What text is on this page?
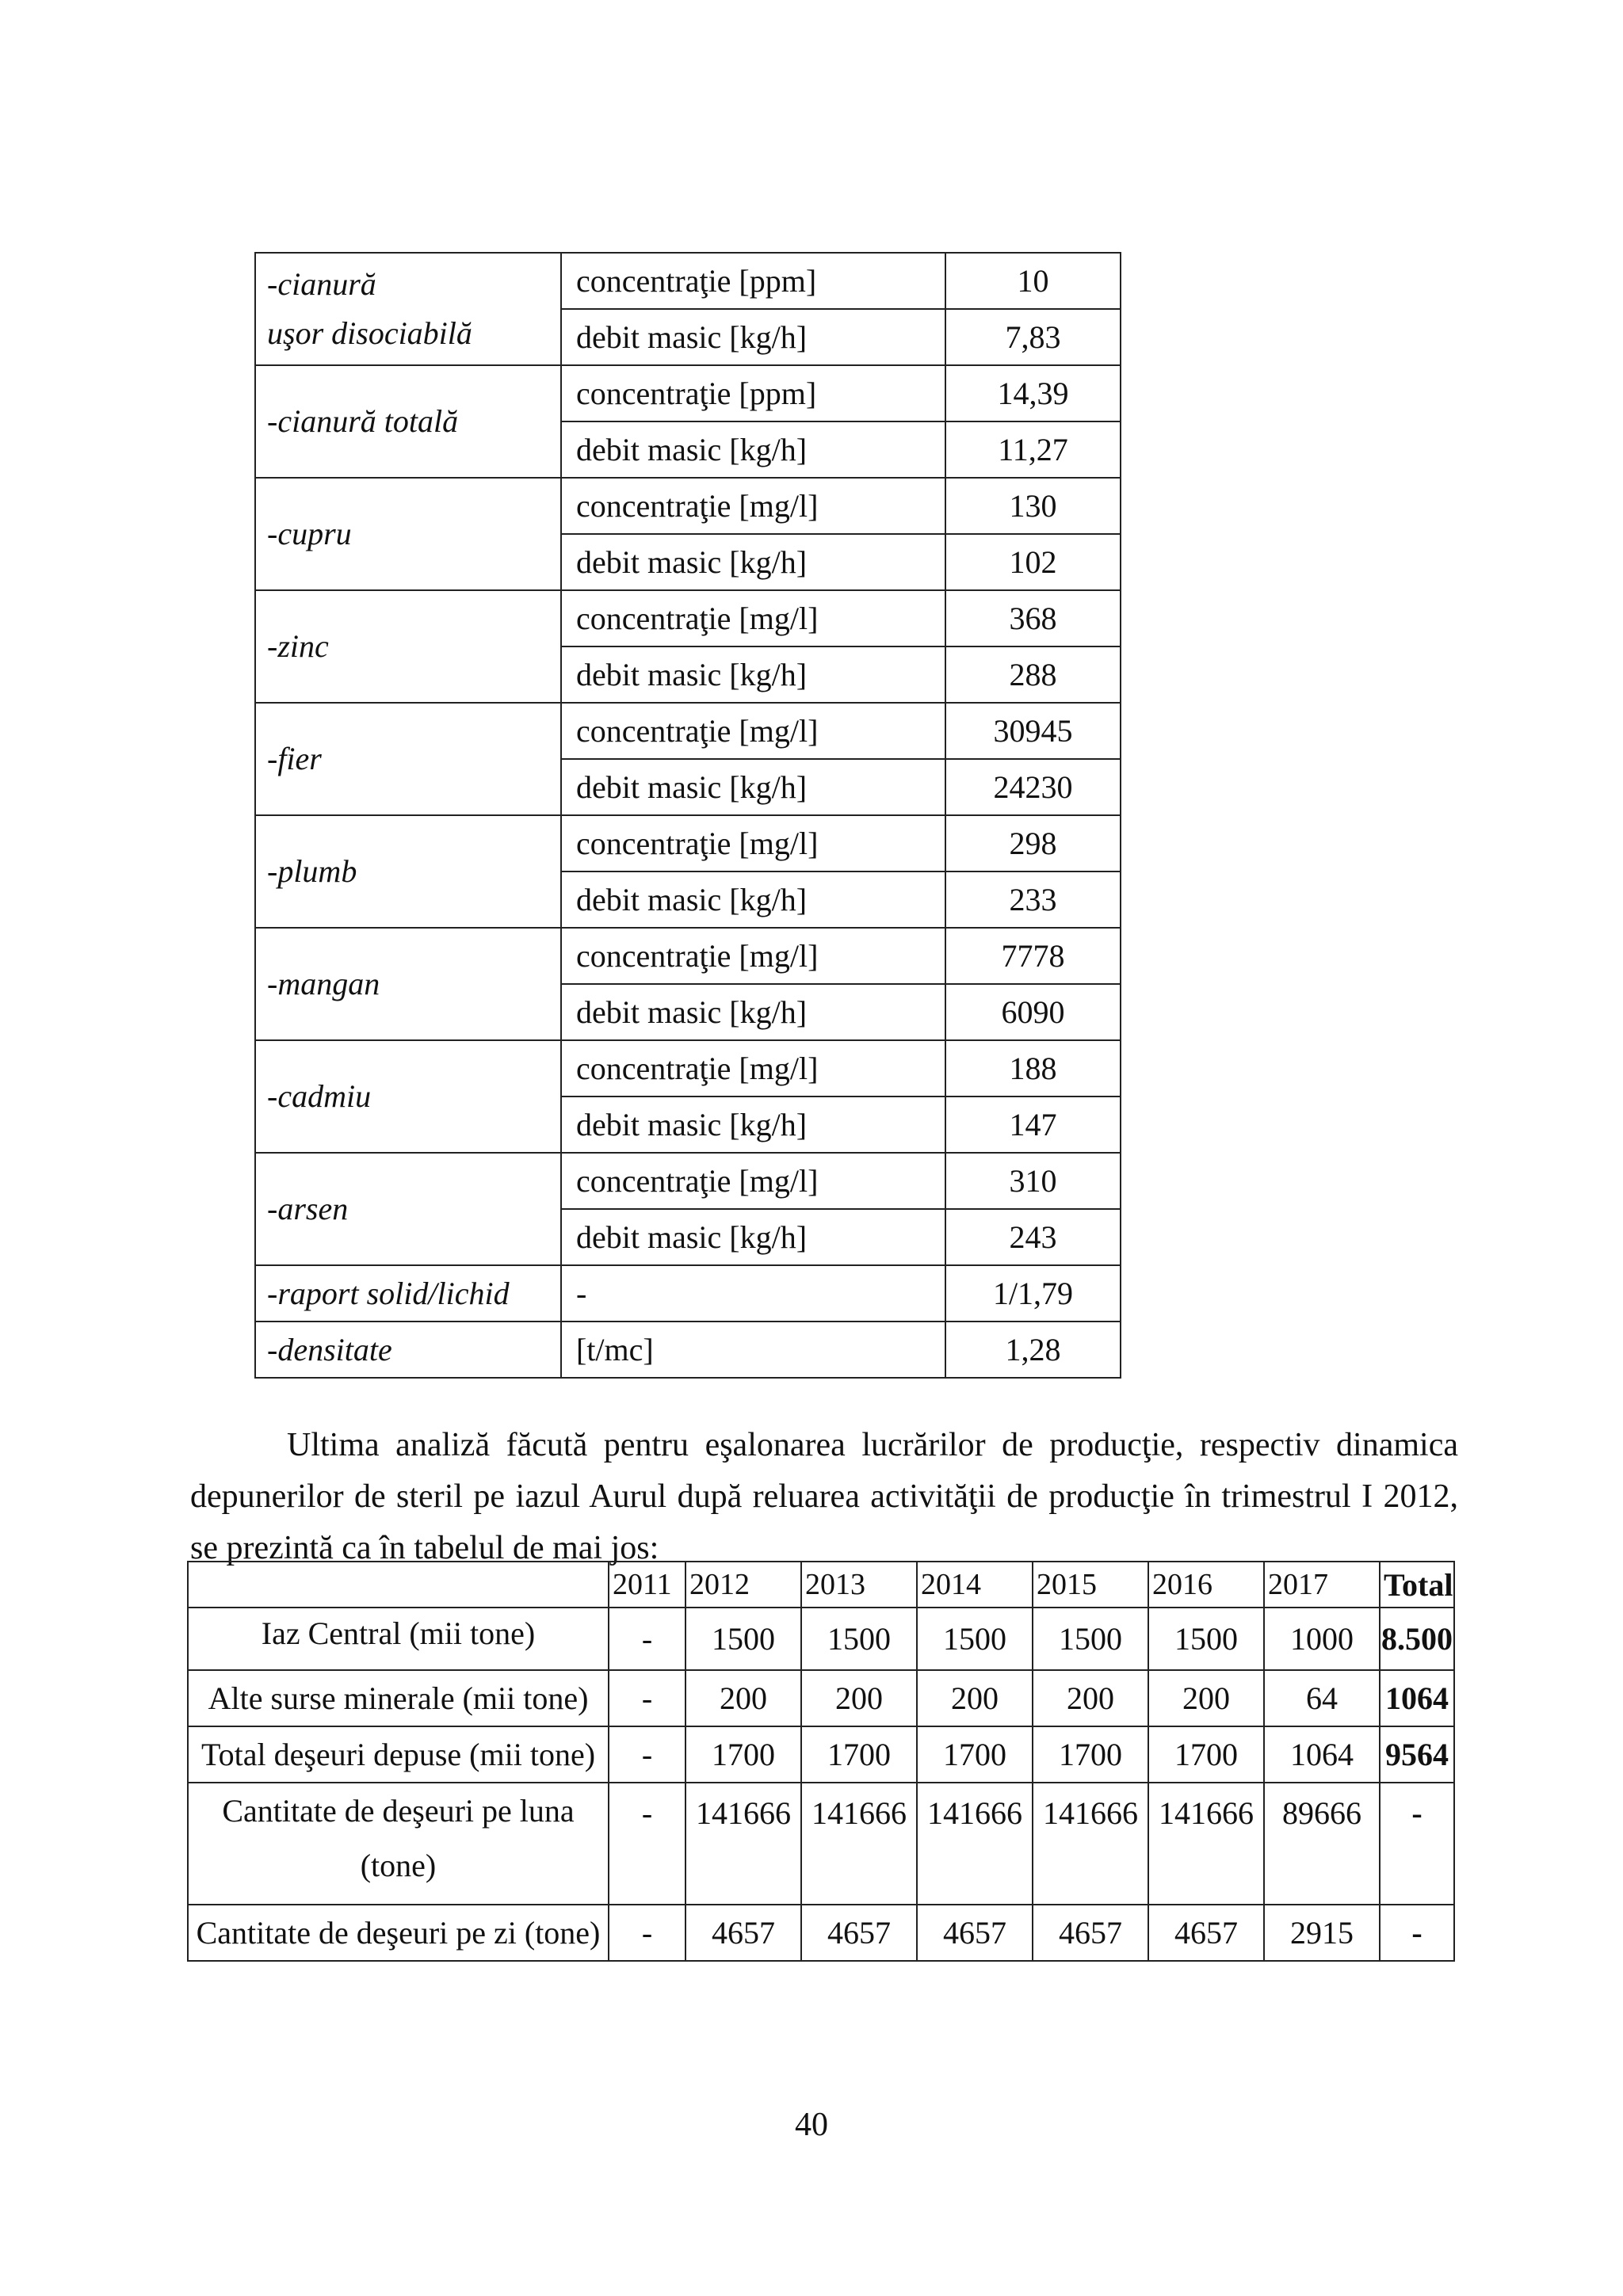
-cianură
uşor disociabilă	concentraţie [ppm]	10
	debit masic [kg/h]	7,83

-cianură totală	concentraţie [ppm]	14,39
	debit masic [kg/h]	11,27

-cupru	concentraţie [mg/l]	130
	debit masic [kg/h]	102

-zinc	concentraţie [mg/l]	368
	debit masic [kg/h]	288

-fier	concentraţie [mg/l]	30945
	debit masic [kg/h]	24230

-plumb	concentraţie [mg/l]	298
	debit masic [kg/h]	233

-mangan	concentraţie [mg/l]	7778
	debit masic [kg/h]	6090

-cadmiu	concentraţie [mg/l]	188
	debit masic [kg/h]	147

-arsen	concentraţie [mg/l]	310
	debit masic [kg/h]	243
-raport solid/lichid	-	1/1,79
-densitate	[t/mc]	1,28

Ultima analiză făcută pentru eşalonarea lucrărilor de producţie, respectiv dinamica depunerilor de steril pe iazul Aurul după reluarea activităţii de producţie în trimestrul I 2012, se prezintă ca în tabelul de mai jos:

	2011	2012	2013	2014	2015	2016	2017	Total
Iaz Central (mii tone)	-	1500	1500	1500	1500	1500	1000	8.500
Alte surse minerale (mii tone)	-	200	200	200	200	200	64	1064
Total deşeuri depuse (mii tone)	-	1700	1700	1700	1700	1700	1064	9564

Cantitate de deşeuri pe luna
(tone)	-	141666	141666	141666	141666	141666	89666	-
Cantitate de deşeuri pe zi (tone)	-	4657	4657	4657	4657	4657	2915	-
40
